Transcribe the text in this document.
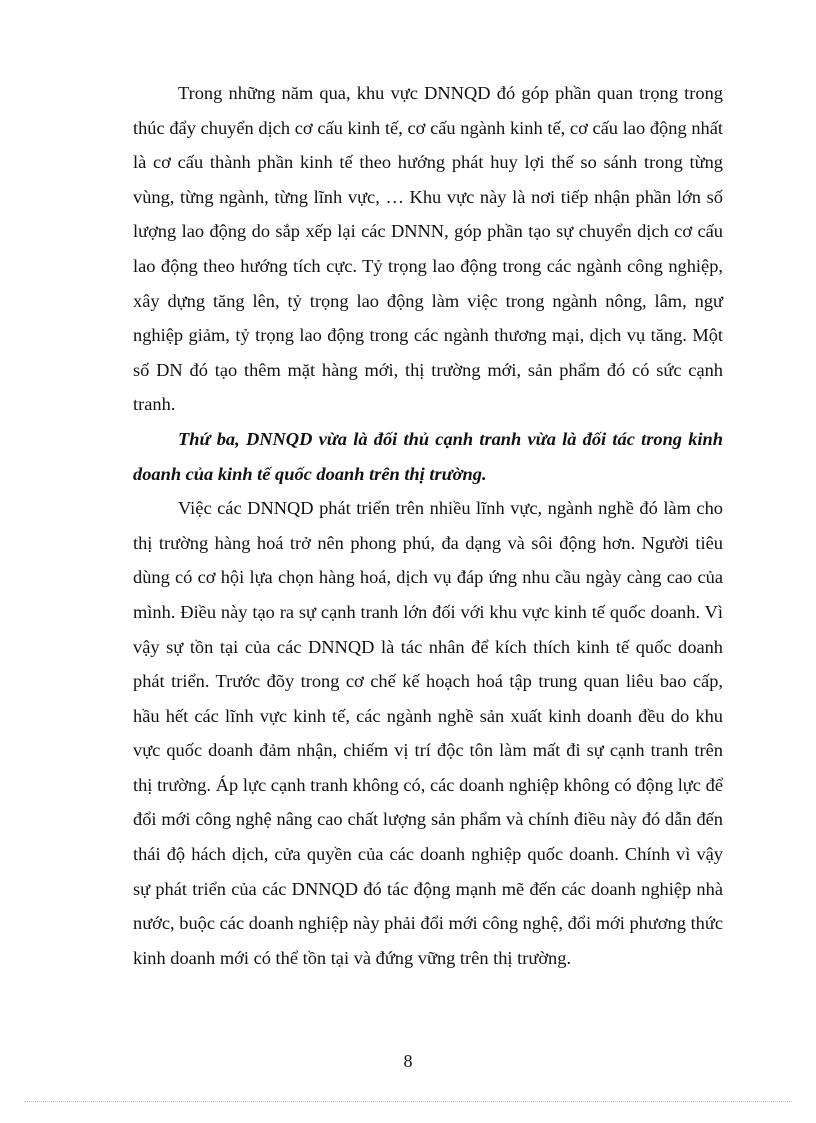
Trong những năm qua, khu vực DNNQD đó góp phần quan trọng trong thúc đẩy chuyển dịch cơ cấu kinh tế, cơ cấu ngành kinh tế, cơ cấu lao động nhất là cơ cấu thành phần kinh tế theo hướng phát huy lợi thế so sánh trong từng vùng, từng ngành, từng lĩnh vực, … Khu vực này là nơi tiếp nhận phần lớn số lượng lao động do sắp xếp lại các DNNN, góp phần tạo sự chuyển dịch cơ cấu lao động theo hướng tích cực. Tỷ trọng lao động trong các ngành công nghiệp, xây dựng tăng lên, tỷ trọng lao động làm việc trong ngành nông, lâm, ngư nghiệp giảm, tỷ trọng lao động trong các ngành thương mại, dịch vụ tăng. Một số DN đó tạo thêm mặt hàng mới, thị trường mới, sản phẩm đó có sức cạnh tranh.

Thứ ba, DNNQD vừa là đối thủ cạnh tranh vừa là đối tác trong kinh doanh của kinh tế quốc doanh trên thị trường.

Việc các DNNQD phát triển trên nhiều lĩnh vực, ngành nghề đó làm cho thị trường hàng hoá trở nên phong phú, đa dạng và sôi động hơn. Người tiêu dùng có cơ hội lựa chọn hàng hoá, dịch vụ đáp ứng nhu cầu ngày càng cao của mình. Điều này tạo ra sự cạnh tranh lớn đối với khu vực kinh tế quốc doanh. Vì vậy sự tồn tại của các DNNQD là tác nhân để kích thích kinh tế quốc doanh phát triển. Trước đõy trong cơ chế kế hoạch hoá tập trung quan liêu bao cấp, hầu hết các lĩnh vực kinh tế, các ngành nghề sản xuất kinh doanh đều do khu vực quốc doanh đảm nhận, chiếm vị trí độc tôn làm mất đi sự cạnh tranh trên thị trường. Áp lực cạnh tranh không có, các doanh nghiệp không có động lực để đổi mới công nghệ nâng cao chất lượng sản phẩm và chính điều này đó dẫn đến thái độ hách dịch, cửa quyền của các doanh nghiệp quốc doanh. Chính vì vậy sự phát triển của các DNNQD đó tác động mạnh mẽ đến các doanh nghiệp nhà nước, buộc các doanh nghiệp này phải đổi mới công nghệ, đổi mới phương thức kinh doanh mới có thể tồn tại và đứng vững trên thị trường.

8
